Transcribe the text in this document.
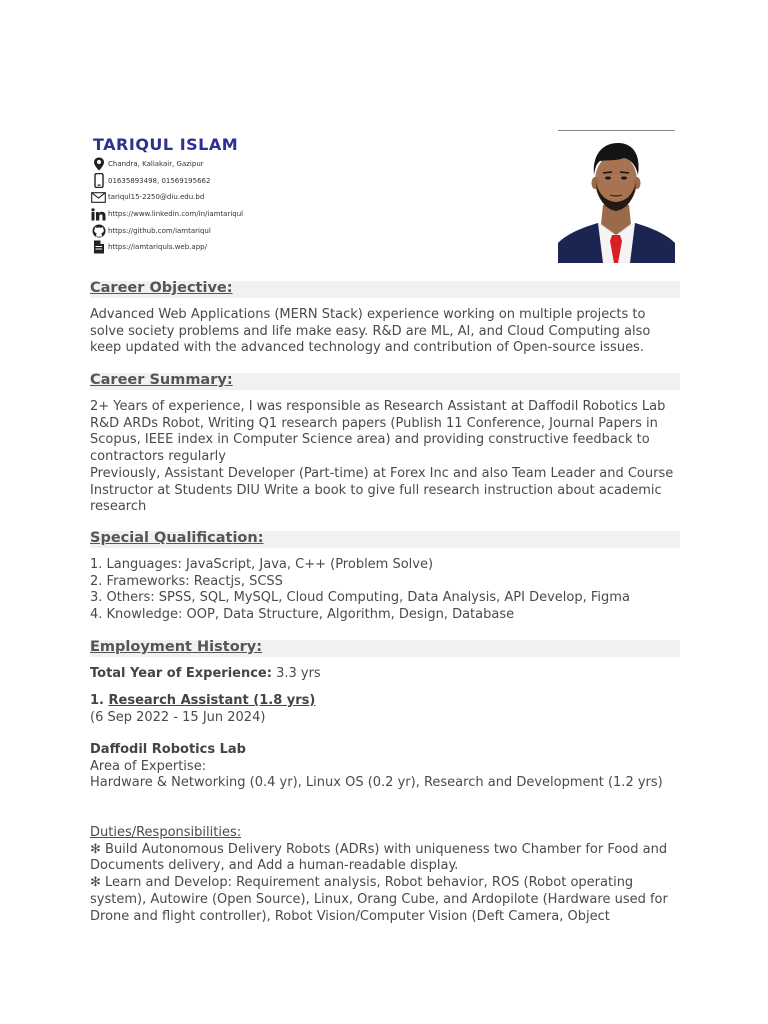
TARIQUL ISLAM
Chandra, Kaliakair, Gazipur
01635893498, 01569195662
tariqul15-2250@diu.edu.bd
https://www.linkedin.com/in/iamtariqul
https://github.com/iamtariqul
https://iamtariquls.web.app/
Career Objective:
Advanced Web Applications (MERN Stack) experience working on multiple projects to solve society problems and life make easy. R&D are ML, AI, and Cloud Computing also keep updated with the advanced technology and contribution of Open-source issues.
Career Summary:

2+ Years of experience, I was responsible as Research Assistant at Daffodil Robotics Lab R&D ARDs Robot, Writing Q1 research papers (Publish 11 Conference, Journal Papers in Scopus, IEEE index in Computer Science area) and providing constructive feedback to contractors regularly

Previously, Assistant Developer (Part-time) at Forex Inc and also Team Leader and Course Instructor at Students DIU Write a book to give full research instruction about academic research

Special Qualification:

1. Languages: JavaScript, Java, C++ (Problem Solve)

2. Frameworks: Reactjs, SCSS

3. Others: SPSS, SQL, MySQL, Cloud Computing, Data Analysis, API Develop, Figma

4. Knowledge: OOP, Data Structure, Algorithm, Design, Database

Employment History:

Total Year of Experience: 3.3 yrs

1. Research Assistant (1.8 yrs)

(6 Sep 2022 - 15 Jun 2024)

Daffodil Robotics Lab

Area of Expertise:

Hardware & Networking (0.4 yr), Linux OS (0.2 yr), Research and Development (1.2 yrs)

Duties/Responsibilities:

✻ Build Autonomous Delivery Robots (ADRs) with uniqueness two Chamber for Food and Documents delivery, and Add a human-readable display.

✻ Learn and Develop: Requirement analysis, Robot behavior, ROS (Robot operating system), Autowire (Open Source), Linux, Orang Cube, and Ardopilote (Hardware used for Drone and flight controller), Robot Vision/Computer Vision (Deft Camera, Object
